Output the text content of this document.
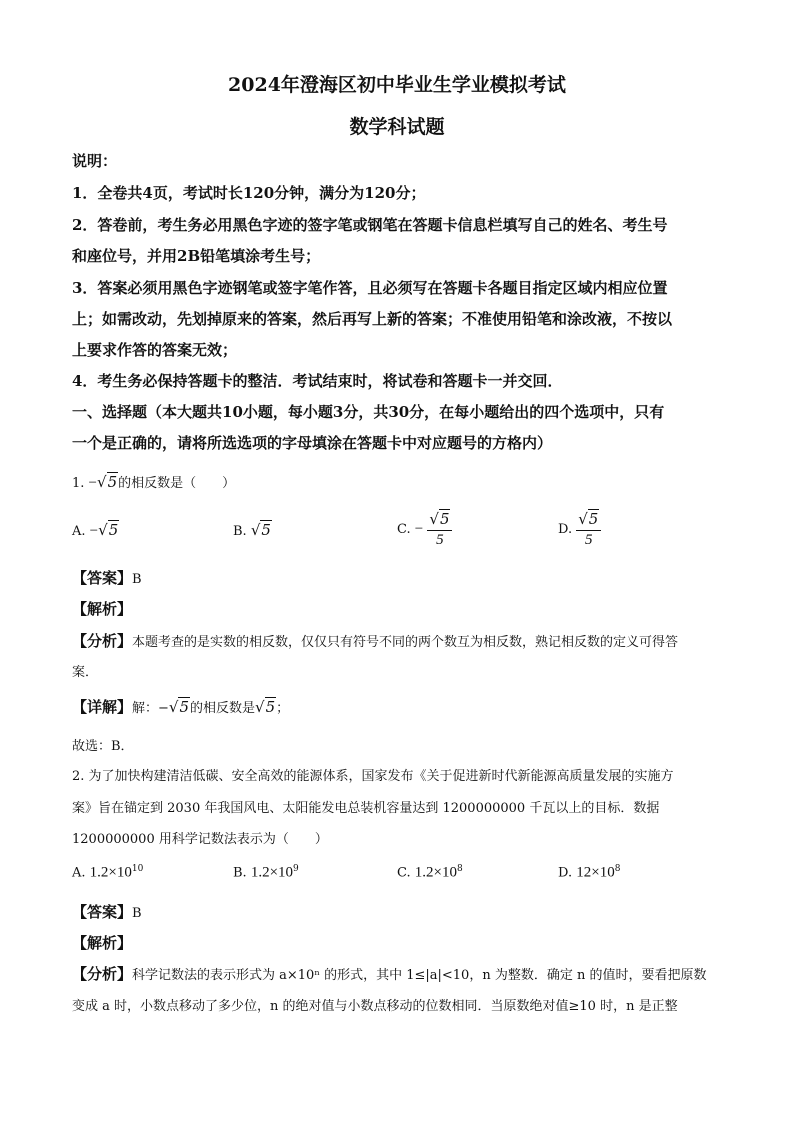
2024年澄海区初中毕业生学业模拟考试
数学科试题
说明：
1．全卷共4页，考试时长120分钟，满分为120分；
2．答卷前，考生务必用黑色字迹的签字笔或钢笔在答题卡信息栏填写自己的姓名、考生号
和座位号，并用2B铅笔填涂考生号；
3．答案必须用黑色字迹钢笔或签字笔作答，且必须写在答题卡各题目指定区域内相应位置
上；如需改动，先划掉原来的答案，然后再写上新的答案；不准使用铅笔和涂改液，不按以
上要求作答的答案无效；
4．考生务必保持答题卡的整洁．考试结束时，将试卷和答题卡一并交回．
一、选择题（本大题共10小题，每小题3分，共30分，在每小题给出的四个选项中，只有
一个是正确的，请将所选选项的字母填涂在答题卡中对应题号的方格内）
1. −√5的相反数是（　　）
A. −√5	B. √5	C. − $\frac{√5}{5}$	D. $\frac{√5}{5}$
【答案】B
【解析】
【分析】本题考查的是实数的相反数，仅仅只有符号不同的两个数互为相反数，熟记相反数的定义可得答
案．
【详解】解：−√5的相反数是√5；
故选：B．
2. 为了加快构建清洁低碳、安全高效的能源体系，国家发布《关于促进新时代新能源高质量发展的实施方
案》旨在锚定到 2030 年我国风电、太阳能发电总装机容量达到 1200000000 千瓦以上的目标．数据
1200000000 用科学记数法表示为（　　）
A. $1.2\times 10^{10}$	B. $1.2\times 10^9$	C. $1.2\times 10^8$	D. $12\times 10^8$
【答案】B
【解析】
【分析】科学记数法的表示形式为 a×10ⁿ 的形式，其中 1≤|a|<10，n 为整数．确定 n 的值时，要看把原数
变成 a 时，小数点移动了多少位，n 的绝对值与小数点移动的位数相同．当原数绝对值≥10 时，n 是正整
